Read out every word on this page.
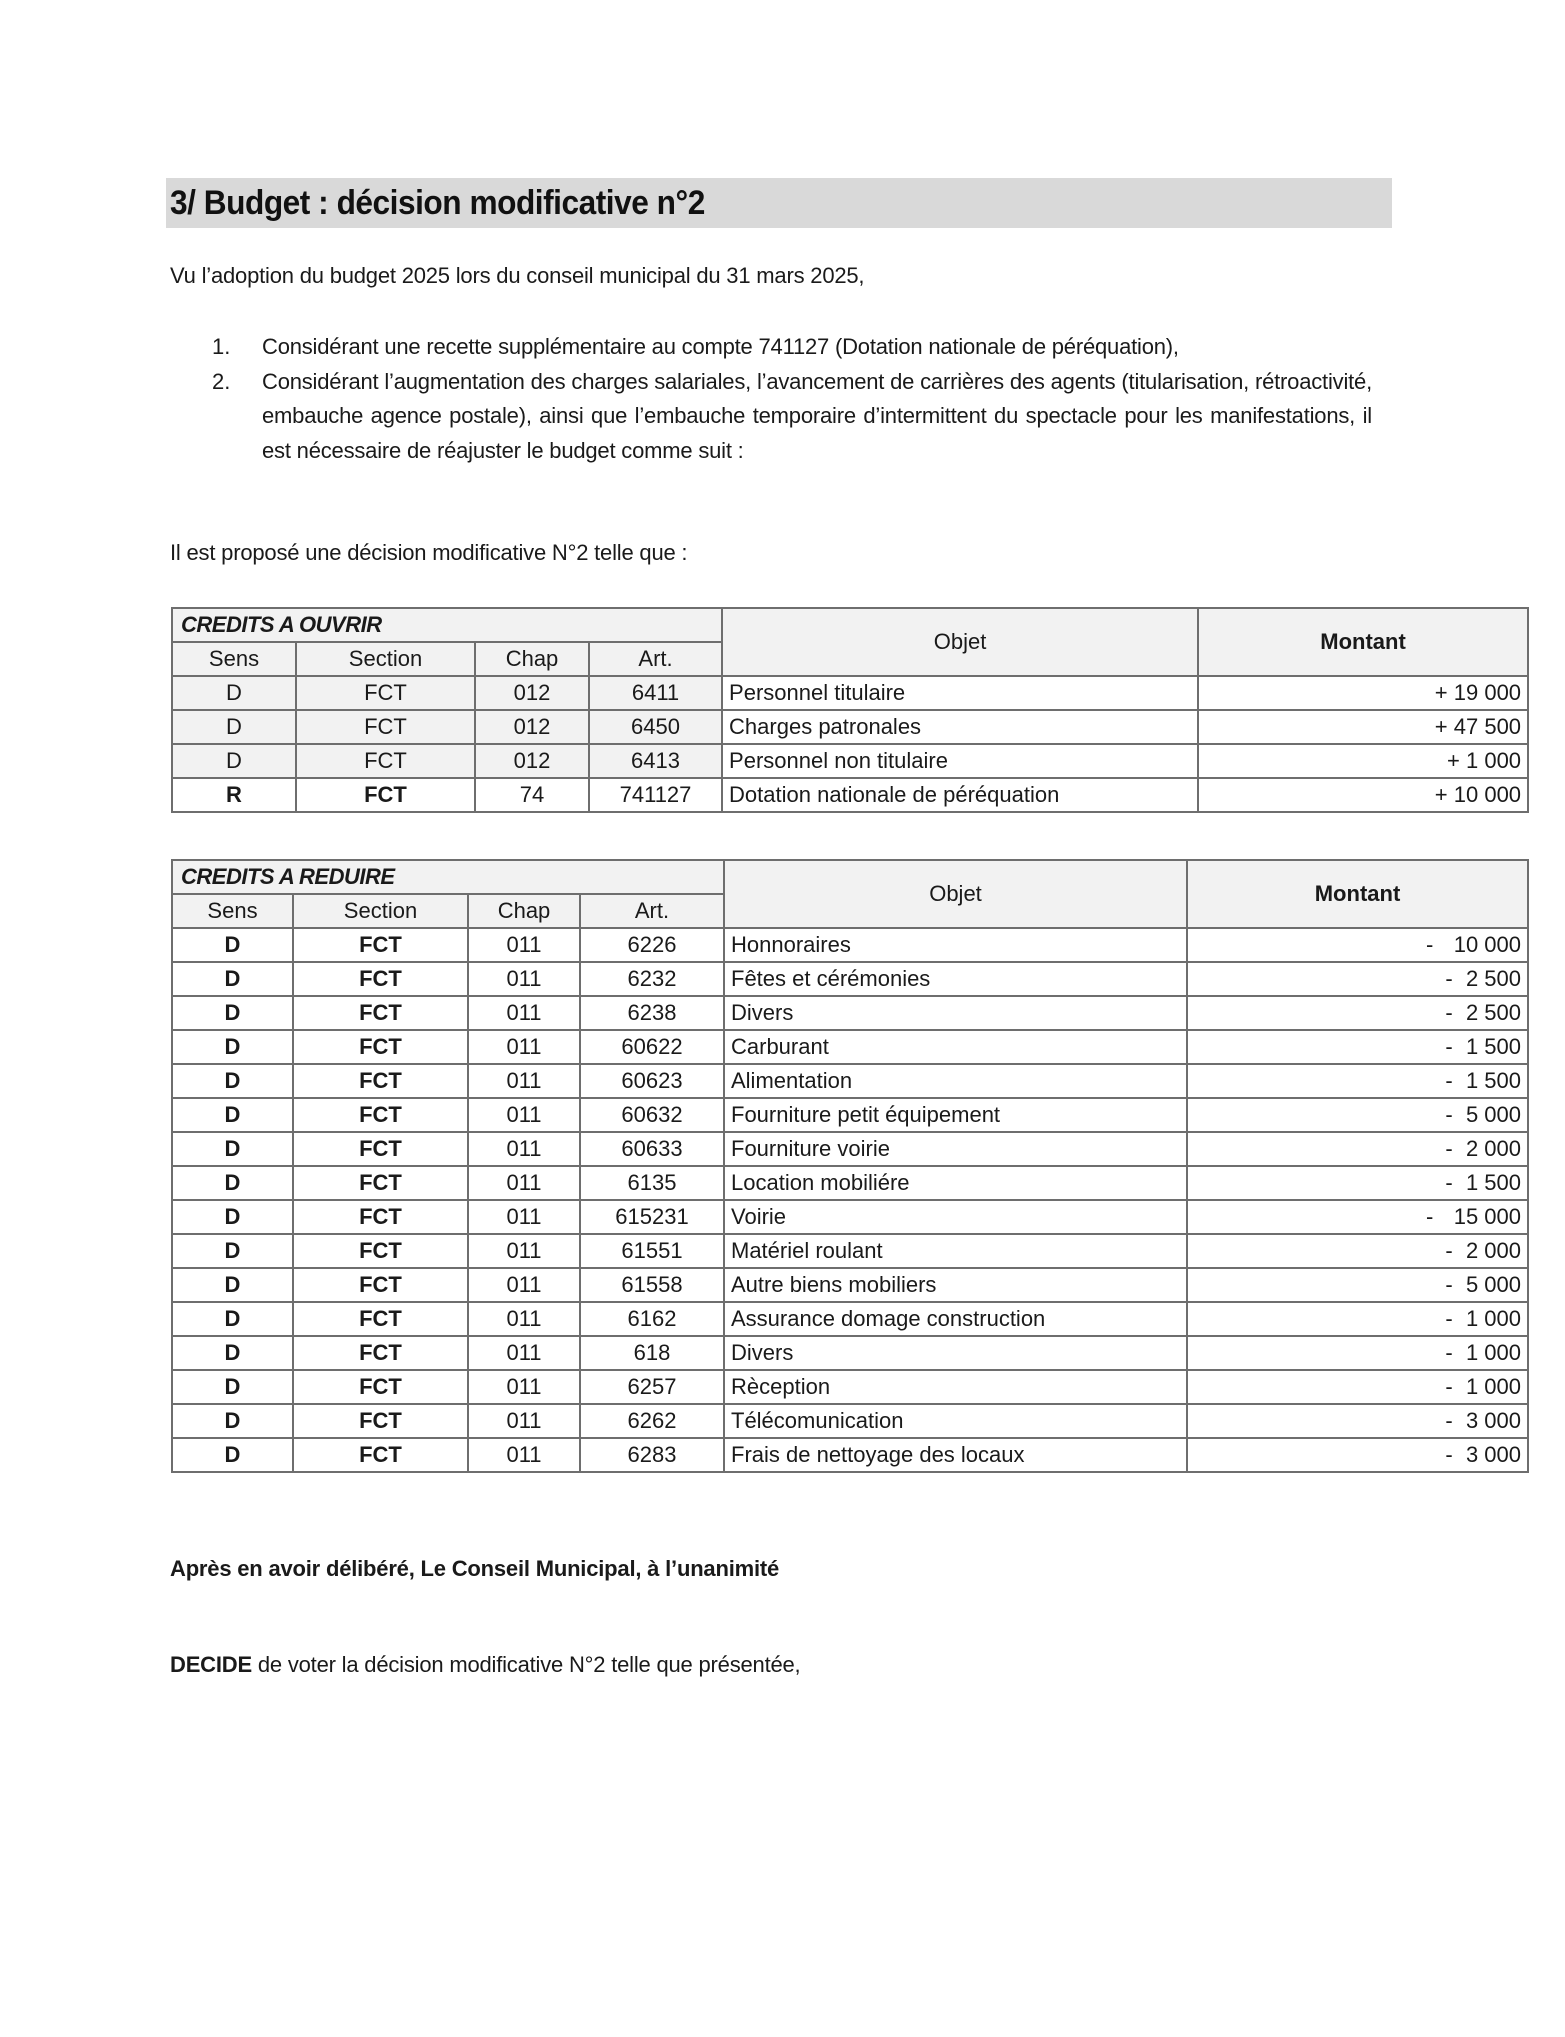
3/ Budget : décision modificative n°2
Vu l’adoption du budget 2025 lors du conseil municipal du 31 mars 2025,
1.	Considérant une recette supplémentaire au compte 741127 (Dotation nationale de péréquation),
2.	Considérant l’augmentation des charges salariales, l’avancement de carrières des agents (titularisation, rétroactivité, embauche agence postale), ainsi que l’embauche temporaire d’intermittent du spectacle pour les manifestations, il est nécessaire de réajuster le budget comme suit :
Il est proposé une décision modificative N°2 telle que :
CREDITS A OUVRIR				Objet	Montant
Sens	Section	Chap	Art.		
D	FCT	012	6411	Personnel titulaire	+ 19 000
D	FCT	012	6450	Charges patronales	+ 47 500
D	FCT	012	6413	Personnel non titulaire	+ 1 000
R	FCT	74	741127	Dotation nationale de péréquation	+ 10 000
CREDITS A REDUIRE				Objet	Montant
Sens	Section	Chap	Art.		
D	FCT	011	6226	Honnoraires	- 10 000

D	FCT	011	6232	Fêtes et cérémonies	- 2 500

D	FCT	011	6238	Divers	- 2 500

D	FCT	011	60622	Carburant	- 1 500

D	FCT	011	60623	Alimentation	- 1 500

D	FCT	011	60632	Fourniture petit équipement	- 5 000

D	FCT	011	60633	Fourniture voirie	- 2 000

D	FCT	011	6135	Location mobiliére	- 1 500

D	FCT	011	615231	Voirie	- 15 000

D	FCT	011	61551	Matériel roulant	- 2 000

D	FCT	011	61558	Autre biens mobiliers	- 5 000

D	FCT	011	6162	Assurance domage construction	- 1 000

D	FCT	011	618	Divers	- 1 000

D	FCT	011	6257	Rèception	- 1 000

D	FCT	011	6262	Télécomunication	- 3 000

D	FCT	011	6283	Frais de nettoyage des locaux	- 3 000
Après en avoir délibéré, Le Conseil Municipal, à l’unanimité
DECIDE de voter la décision modificative N°2 telle que présentée,
